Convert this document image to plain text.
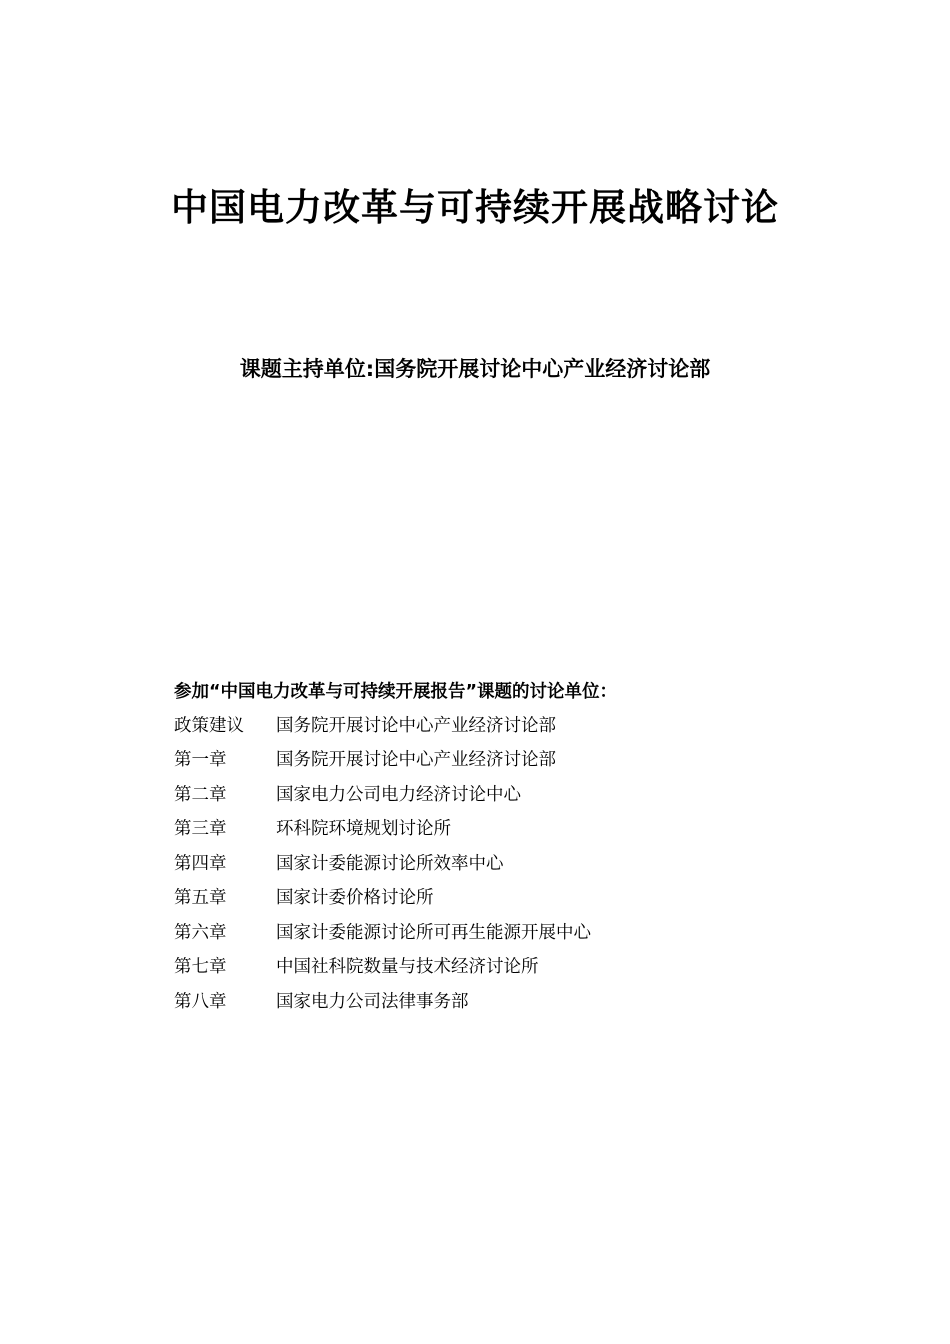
中国电力改革与可持续开展战略讨论
课题主持单位:国务院开展讨论中心产业经济讨论部
参加“中国电力改革与可持续开展报告”课题的讨论单位：
政策建议	国务院开展讨论中心产业经济讨论部
第一章	国务院开展讨论中心产业经济讨论部
第二章	国家电力公司电力经济讨论中心
第三章	环科院环境规划讨论所
第四章	国家计委能源讨论所效率中心
第五章	国家计委价格讨论所
第六章	国家计委能源讨论所可再生能源开展中心
第七章	中国社科院数量与技术经济讨论所
第八章	国家电力公司法律事务部
